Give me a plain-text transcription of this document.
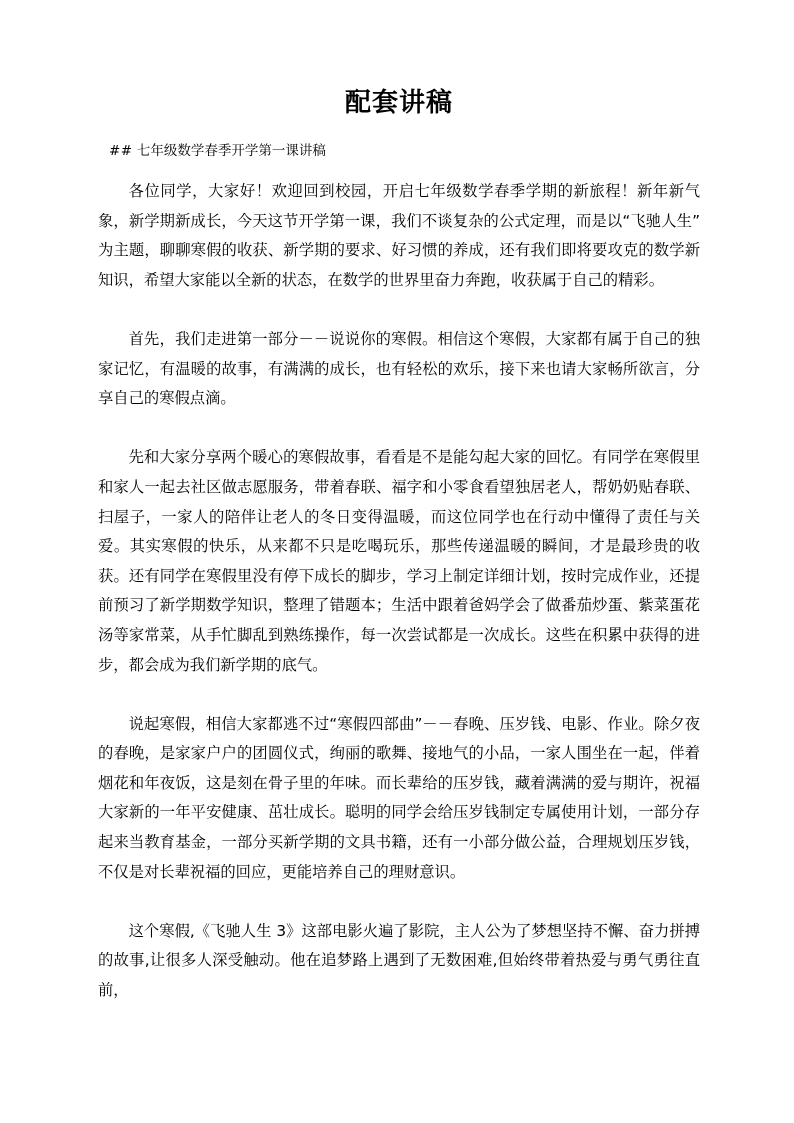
配套讲稿
## 七年级数学春季开学第一课讲稿

各位同学，大家好！欢迎回到校园，开启七年级数学春季学期的新旅程！新年新气象，新学期新成长，今天这节开学第一课，我们不谈复杂的公式定理，而是以“飞驰人生”为主题，聊聊寒假的收获、新学期的要求、好习惯的养成，还有我们即将要攻克的数学新知识，希望大家能以全新的状态，在数学的世界里奋力奔跑，收获属于自己的精彩。

首先，我们走进第一部分－－说说你的寒假。相信这个寒假，大家都有属于自己的独家记忆，有温暖的故事，有满满的成长，也有轻松的欢乐，接下来也请大家畅所欲言，分享自己的寒假点滴。

先和大家分享两个暖心的寒假故事，看看是不是能勾起大家的回忆。有同学在寒假里和家人一起去社区做志愿服务，带着春联、福字和小零食看望独居老人，帮奶奶贴春联、扫屋子，一家人的陪伴让老人的冬日变得温暖，而这位同学也在行动中懂得了责任与关爱。其实寒假的快乐，从来都不只是吃喝玩乐，那些传递温暖的瞬间，才是最珍贵的收获。还有同学在寒假里没有停下成长的脚步，学习上制定详细计划，按时完成作业，还提前预习了新学期数学知识，整理了错题本；生活中跟着爸妈学会了做番茄炒蛋、紫菜蛋花汤等家常菜，从手忙脚乱到熟练操作，每一次尝试都是一次成长。这些在积累中获得的进步，都会成为我们新学期的底气。

说起寒假，相信大家都逃不过“寒假四部曲”－－春晚、压岁钱、电影、作业。除夕夜的春晚，是家家户户的团圆仪式，绚丽的歌舞、接地气的小品，一家人围坐在一起，伴着烟花和年夜饭，这是刻在骨子里的年味。而长辈给的压岁钱，藏着满满的爱与期许，祝福大家新的一年平安健康、茁壮成长。聪明的同学会给压岁钱制定专属使用计划，一部分存起来当教育基金，一部分买新学期的文具书籍，还有一小部分做公益，合理规划压岁钱，不仅是对长辈祝福的回应，更能培养自己的理财意识。

这个寒假,《飞驰人生 3》这部电影火遍了影院，主人公为了梦想坚持不懈、奋力拼搏的故事,让很多人深受触动。他在追梦路上遇到了无数困难,但始终带着热爱与勇气勇往直前，
